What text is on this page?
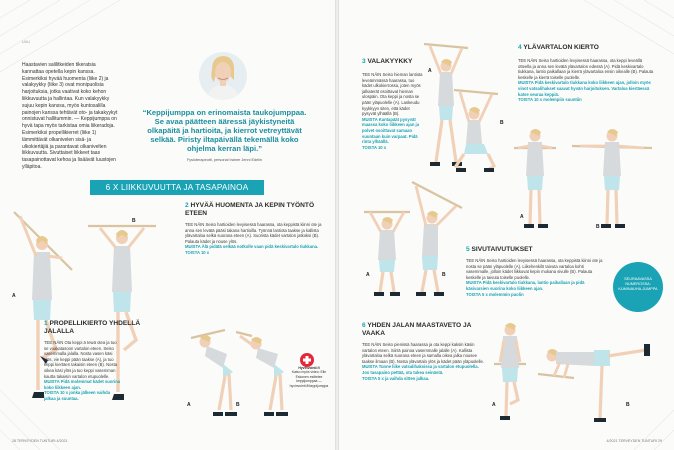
UUU
Haastavien salilitkeiden tikeratsia kannattaa opetella kepin kanssa. Esimerkiksi hyvää huomenta (liike 2) ja valakyykky (liike 3) ovat monipuolisia harjoituksia, jotka vaativat koko kehon liikkuvuutta ja hallintaa. Kun valakyykky sujuu kepin kanssa, myös kuntosalilla painojen kanssa tehtävät oto- ja takakyykyt onnistuvat hallitummin. — Keppijumppa on hyvä tapa myös tarkistaa omia liikeradoja. Esimerkiksi propellikierret (liike 1) lämmittävät olkanivelen sisä- ja ulkokiertäjiä ja parantavat olkanivelten liikkuvuutta. Sivuttaiset liikkeet taas tasapainottavat kehoa ja lisäävät luustojen ylläpitoa.
“Keppijumppa on erinomaista taukojumppaa. Se avaa päätteen ääressä jäykistyneitä olkapäitä ja hartioita, ja kierrot vetreyttävät selkää. Piristy iltapäivällä tekemällä koko ohjelma kerran läpi.”
Fysioterapeutti, personal trainer Jenni Edelin
6 X LIIKKUVUUTTA JA TASAPAINOA
A
B
1 PROPELLIKIERTO YHDELLÄ JALALLA
TEE NÄIN Ota keppi ä tewä otea ja tuo se vaakatasoon vartalon eteen. Seiso vasemmalla jalalla. Nosta vasen käsi ylös, vie keppi pään taakse (A), ja tuo keppi kiertäen takaisin eteen (B). Nosta oikea käsi ylös ja tuo keppi vasemman kautta takaisin vartalon etupuolelle.
MUISTA Pidä molemmat kädet suorina koko liikkeen ajan.
TOISTA 10 x jonka jälkeen vaihda jalkaa ja suuntaa.
2 HYVÄÄ HUOMENTA JA KEPIN TYÖNTÖ ETEEN
TEE NÄIN Seiso hartioiden levyisessä haarassa, ota keppistä kiinni ote ja anna sen levätä pääsi takana hartioilla. Työnnä lantiota taakse ja kallista ylävartaloa selkä suorana eteen (A). Suorista kädet vartalon jatkoksi (B). Palauta kädet ja nouse ylös.
MUISTA Älä pidätä selkää notkolle vaan pidä keskivartalo tiukkana.
TOISTA 10 x
A	B
Hyvinvointi.fi
Katso myös video: Elle Eskonen esittelee keppijumppaa — hyvinvointi.fi/keppijumppa
3 VALAKYYKKY
TEE NÄIN Seiso hieman lantiota leveämmässä haarassa, tuo kädet ulkokierrossa, joten myös jalkaterät osoittavat hieman ulospäin. Ota keppi ja nosta se pään yläpuolelle (A). Laskeudu kyykkyyn siten, että kädet pysyvät ylhäällä (B).
MUISTA Kantapäät pysyvät maassa koko liikkeen ajan ja polvet osoittavat samaan suuntaan kuin varpaat. Pidä rinta ylhäällä.
TOISTA 10 x
A
B
4 YLÄVARTALON KIERTO
TEE NÄIN Seiso hartioiden levyisessä haarassa, ota keppi leveällä otteella ja anna sen levätä ylävartalon edessä (A). Pidä keskivartalo tiukkana, lantio paikallaan ja kierrä ylävartaloa ensin oikealle (B). Palauta keskelle ja kierrä toiselle puolelle.
MUISTA Pidä keskivartalo tiukkana koko liikkeen ajan, jolloin myös vinot vatsalihakset saavat hyvän harjoituksen. Vartaloa kiertäessä katse seuraa keppiä.
TOISTA 10 x molempiin suuntiin
A
B
A	B
5 SIVUTAIVUTUKSET
TEE NÄIN Seiso hartioiden levyisessä haarassa, ota keppistä kiinni ote ja nosta se pään yläpuolelle (A). Liikehenkilö taivuta vartaloa kohti vasemmalle, jolloin kädet liikkuvat kepin mukana sivulle (B). Palauta keskelle ja taivuta toiselle puolelle.
MUISTA Pidä keskivartalo tiukkana, lantio paikallaan ja pidä käsivarsien suorina koko liikkeen ajan.
TOISTA 5 x molemmin puolin
SEURAAVASSA NUMEROSSA: KUMINAUHA-JUMPPA
6 YHDEN JALAN MAASTAVETO JA VAAKA
TEE NÄIN Seiso pienissä haarassa ja ota keppi kaksin käsin vartalon eteen. Siirrä painoa vasemmalle jalalle (A). Kallista ylävartaloa selkä suorana eteen ja samalla oikea jalka nousee taakse ilmaan (B). Nosta ylävartalo ylös ja kädet pään yläpuolelle.
MUISTA Tunne liike vatsalihaksissa ja vartalon etupuolella. Jos tasapaino pettää, ota tukea seinästä.
TOISTA 5 x ja vaihda sitten jalkaa.
A	B
28 TERVEYDEN TUNTURI 4/2021	4/2021 TERVEYDEN TUNTURI 29
